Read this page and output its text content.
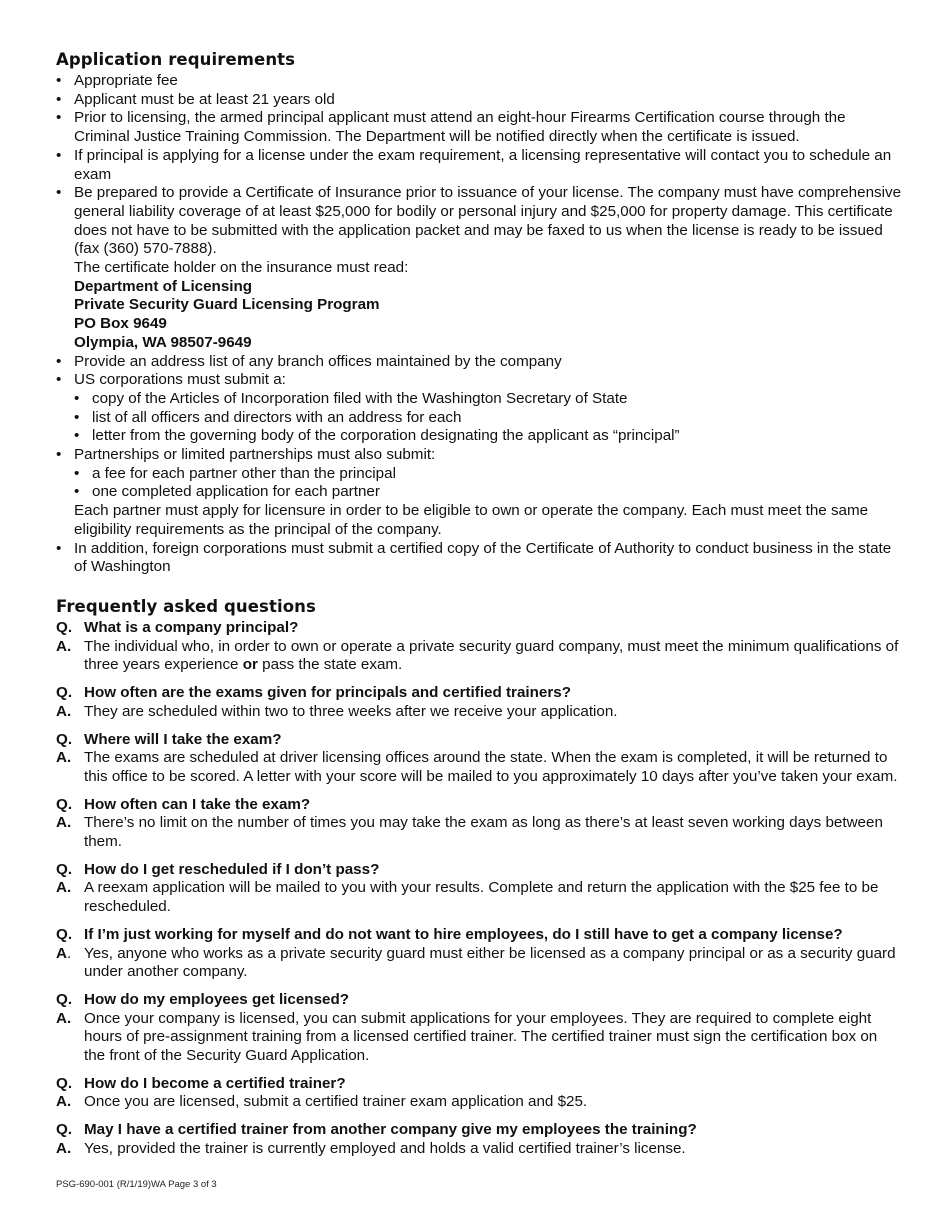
Application requirements
• Appropriate fee
• Applicant must be at least 21 years old
• Prior to licensing, the armed principal applicant must attend an eight-hour Firearms Certification course through the Criminal Justice Training Commission. The Department will be notified directly when the certificate is issued.
• If principal is applying for a license under the exam requirement, a licensing representative will contact you to schedule an exam
• Be prepared to provide a Certificate of Insurance prior to issuance of your license. The company must have comprehensive general liability coverage of at least $25,000 for bodily or personal injury and $25,000 for property damage. This certificate does not have to be submitted with the application packet and may be faxed to us when the license is ready to be issued (fax (360) 570-7888).
The certificate holder on the insurance must read:
Department of Licensing
Private Security Guard Licensing Program
PO Box 9649
Olympia, WA 98507-9649
• Provide an address list of any branch offices maintained by the company
• US corporations must submit a:
• copy of the Articles of Incorporation filed with the Washington Secretary of State
• list of all officers and directors with an address for each
• letter from the governing body of the corporation designating the applicant as “principal”
• Partnerships or limited partnerships must also submit:
• a fee for each partner other than the principal
• one completed application for each partner
Each partner must apply for licensure in order to be eligible to own or operate the company. Each must meet the same eligibility requirements as the principal of the company.
• In addition, foreign corporations must submit a certified copy of the Certificate of Authority to conduct business in the state of Washington
Frequently asked questions
Q. What is a company principal?
A. The individual who, in order to own or operate a private security guard company, must meet the minimum qualifications of three years experience or pass the state exam.
Q. How often are the exams given for principals and certified trainers?
A. They are scheduled within two to three weeks after we receive your application.
Q. Where will I take the exam?
A. The exams are scheduled at driver licensing offices around the state. When the exam is completed, it will be returned to this office to be scored. A letter with your score will be mailed to you approximately 10 days after you’ve taken your exam.
Q. How often can I take the exam?
A. There’s no limit on the number of times you may take the exam as long as there’s at least seven working days between them.
Q. How do I get rescheduled if I don’t pass?
A. A reexam application will be mailed to you with your results. Complete and return the application with the $25 fee to be rescheduled.
Q. If I’m just working for myself and do not want to hire employees, do I still have to get a company license?
A. Yes, anyone who works as a private security guard must either be licensed as a company principal or as a security guard under another company.
Q. How do my employees get licensed?
A. Once your company is licensed, you can submit applications for your employees. They are required to complete eight hours of pre-assignment training from a licensed certified trainer. The certified trainer must sign the certification box on the front of the Security Guard Application.
Q. How do I become a certified trainer?
A. Once you are licensed, submit a certified trainer exam application and $25.
Q. May I have a certified trainer from another company give my employees the training?
A. Yes, provided the trainer is currently employed and holds a valid certified trainer’s license.
PSG-690-001 (R/1/19)WA Page 3 of 3
